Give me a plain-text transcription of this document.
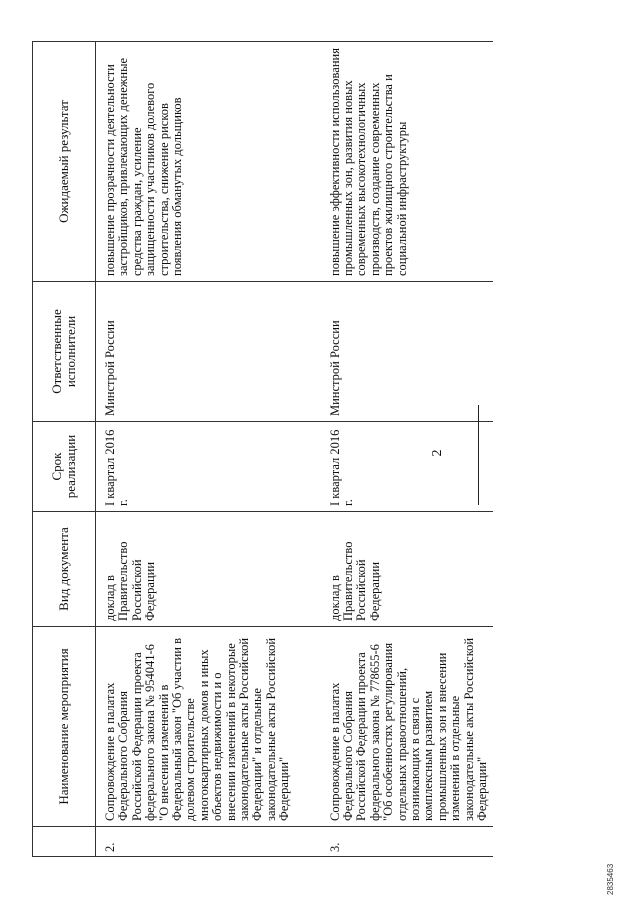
2
	Наименование мероприятия	Вид документа	Срок реализации	Ответственные исполнители	Ожидаемый результат
2.	Сопровождение в палатах Федерального Собрания Российской Федерации проекта федерального закона № 954041-6 "О внесении изменений в Федеральный закон "Об участии в долевом строительстве многоквартирных домов и иных объектов недвижимости и о внесении изменений в некоторые законодательные акты Российской Федерации" и отдельные законодательные акты Российской Федерации"	доклад в Правительство Российской Федерации	I квартал 2016 г.	Минстрой России	повышение прозрачности деятельности застройщиков, привлекающих денежные средства граждан, усиление защищенности участников долевого строительства, снижение рисков появления обманутых дольщиков
3.	Сопровождение в палатах Федерального Собрания Российской Федерации проекта федерального закона № 778655-6 "Об особенностях регулирования отдельных правоотношений, возникающих в связи с комплексным развитием промышленных зон и внесении изменений в отдельные законодательные акты Российской Федерации"	доклад в Правительство Российской Федерации	I квартал 2016 г.	Минстрой России	повышение эффективности использования промышленных зон, развития новых современных высокотехнологичных производств, создание современных проектов жилищного строительства и социальной инфраструктуры
2835463
